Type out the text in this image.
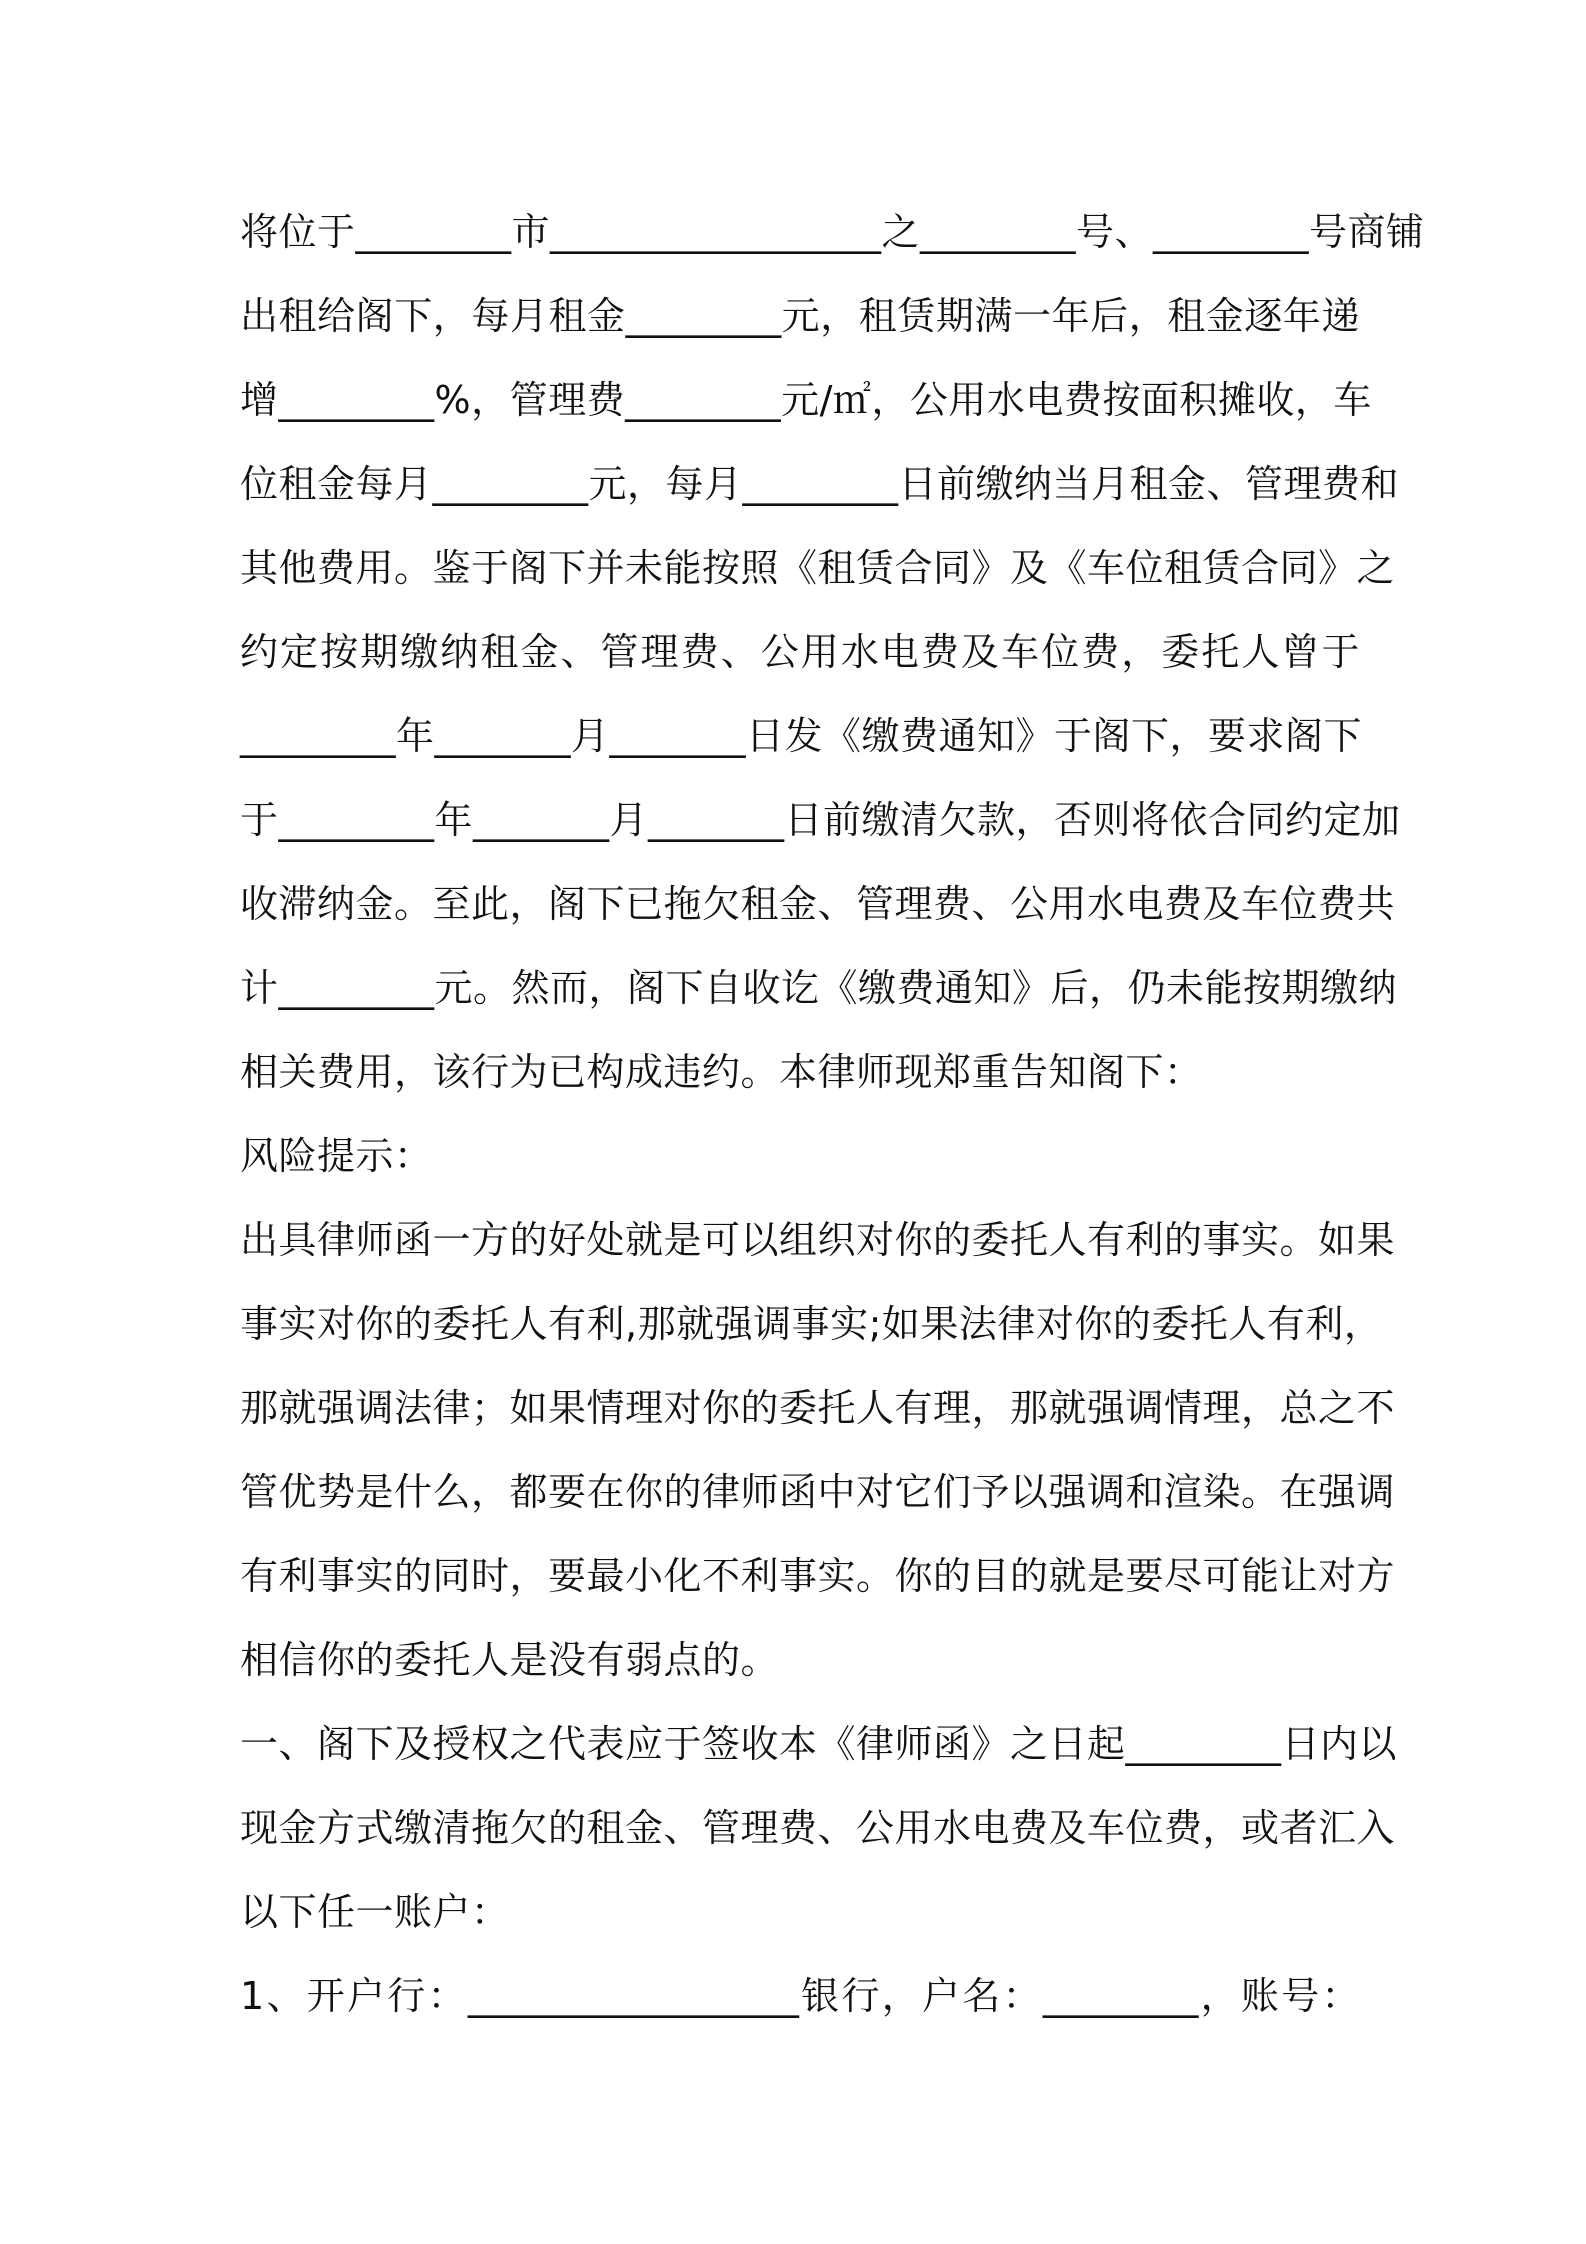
将位于________市_________________之________号、________号商铺
出租给阁下，每月租金________元，租赁期满一年后，租金逐年递
增________%，管理费________元/㎡，公用水电费按面积摊收，车
位租金每月________元，每月________日前缴纳当月租金、管理费和
其他费用。鉴于阁下并未能按照《租赁合同》及《车位租赁合同》之
约定按期缴纳租金、管理费、公用水电费及车位费，委托人曾于
________年_______月_______日发《缴费通知》于阁下，要求阁下
于________年_______月_______日前缴清欠款，否则将依合同约定加
收滞纳金。至此，阁下已拖欠租金、管理费、公用水电费及车位费共
计________元。然而，阁下自收讫《缴费通知》后，仍未能按期缴纳
相关费用，该行为已构成违约。本律师现郑重告知阁下：
风险提示：
出具律师函一方的好处就是可以组织对你的委托人有利的事实。如果
事实对你的委托人有利,那就强调事实;如果法律对你的委托人有利，
那就强调法律；如果情理对你的委托人有理，那就强调情理，总之不
管优势是什么，都要在你的律师函中对它们予以强调和渲染。在强调
有利事实的同时，要最小化不利事实。你的目的就是要尽可能让对方
相信你的委托人是没有弱点的。
一、阁下及授权之代表应于签收本《律师函》之日起________日内以
现金方式缴清拖欠的租金、管理费、公用水电费及车位费，或者汇入
以下任一账户：
1、开户行：_________________银行，户名：________，账号：
